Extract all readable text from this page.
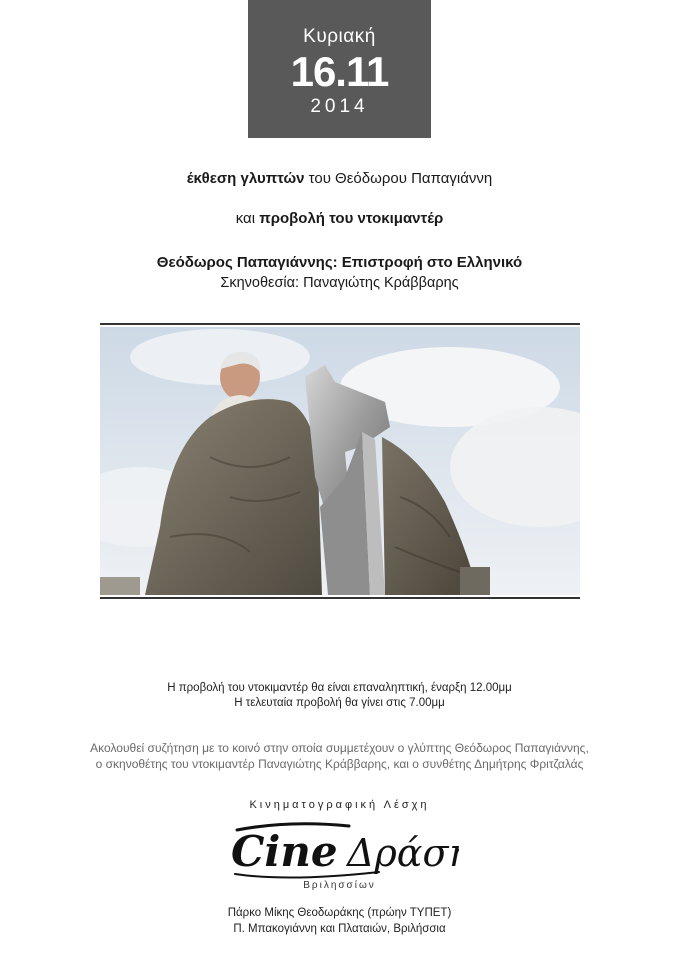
Κυριακή
16.11
2014
έκθεση γλυπτών του Θεόδωρου Παπαγιάννη
και προβολή του ντοκιμαντέρ
Θεόδωρος Παπαγιάννης: Επιστροφή στο Ελληνικό
Σκηνοθεσία: Παναγιώτης Κράββαρης
Η προβολή του ντοκιμαντέρ θα είναι επαναληπτική, έναρξη 12.00μμ
Η τελευταία προβολή θα γίνει στις 7.00μμ
Ακολουθεί συζήτηση με το κοινό στην οποία συμμετέχουν ο γλύπτης Θεόδωρος Παπαγιάννης,
ο σκηνοθέτης του ντοκιμαντέρ Παναγιώτης Κράββαρης, και ο συνθέτης Δημήτρης Φριτζαλάς
Κινηματογραφική Λέσχη
Cine Δράση
Βριλησσίων
Πάρκο Μίκης Θεοδωράκης (πρώην ΤΥΠΕΤ)
Π. Μπακογιάννη και Πλαταιών, Βριλήσσια
